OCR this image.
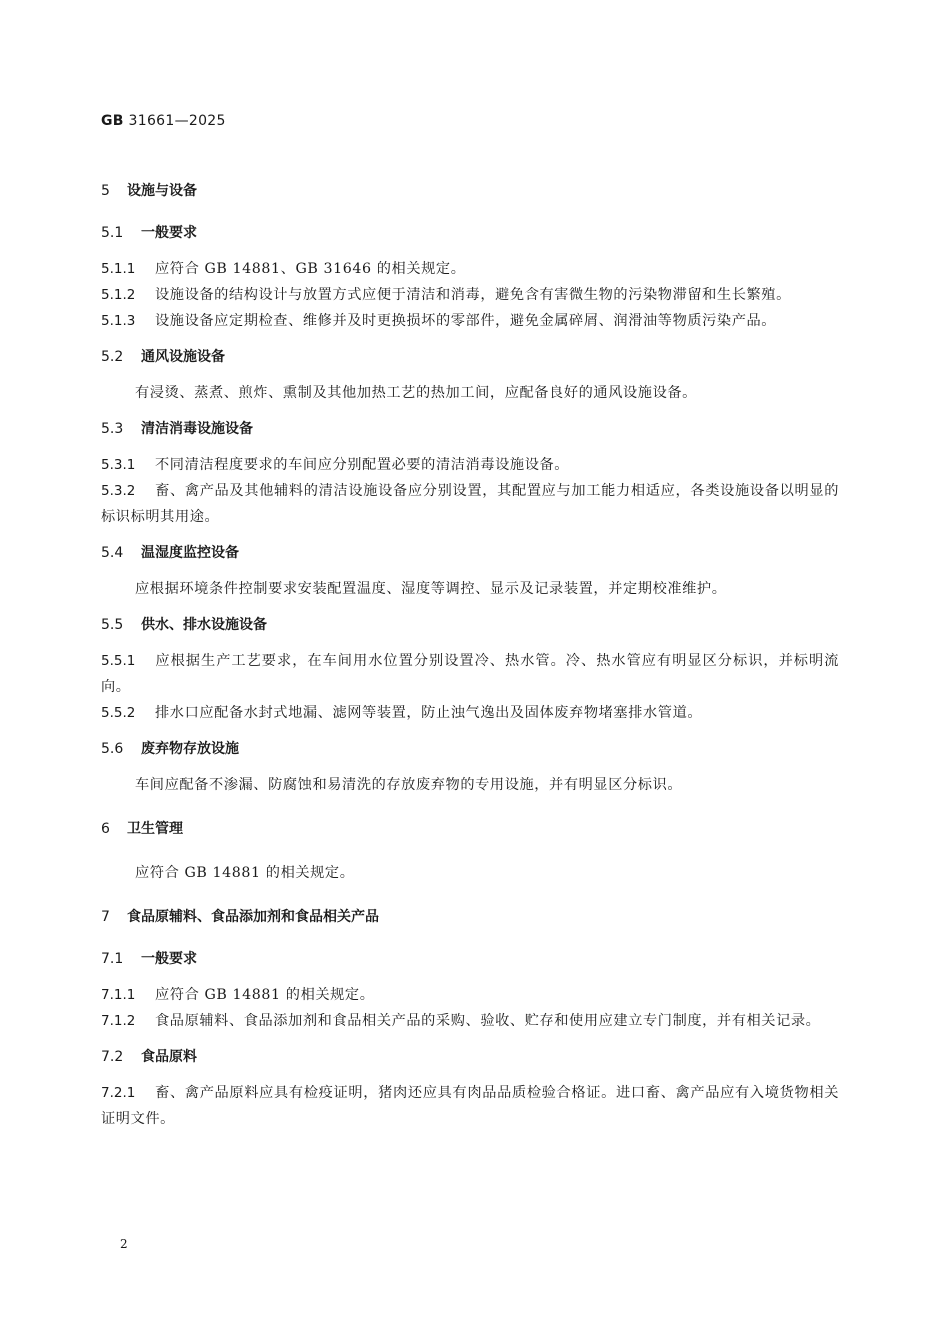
GB 31661—2025
5 设施与设备
5.1 一般要求

5.1.1 应符合 GB 14881、GB 31646 的相关规定。

5.1.2 设施设备的结构设计与放置方式应便于清洁和消毒，避免含有害微生物的污染物滞留和生长繁殖。

5.1.3 设施设备应定期检查、维修并及时更换损坏的零部件，避免金属碎屑、润滑油等物质污染产品。

5.2 通风设施设备

有浸烫、蒸煮、煎炸、熏制及其他加热工艺的热加工间，应配备良好的通风设施设备。

5.3 清洁消毒设施设备

5.3.1 不同清洁程度要求的车间应分别配置必要的清洁消毒设施设备。

5.3.2 畜、禽产品及其他辅料的清洁设施设备应分别设置，其配置应与加工能力相适应，各类设施设备以明显的标识标明其用途。

5.4 温湿度监控设备

应根据环境条件控制要求安装配置温度、湿度等调控、显示及记录装置，并定期校准维护。

5.5 供水、排水设施设备

5.5.1 应根据生产工艺要求，在车间用水位置分别设置冷、热水管。冷、热水管应有明显区分标识，并标明流向。

5.5.2 排水口应配备水封式地漏、滤网等装置，防止浊气逸出及固体废弃物堵塞排水管道。

5.6 废弃物存放设施

车间应配备不渗漏、防腐蚀和易清洗的存放废弃物的专用设施，并有明显区分标识。

6 卫生管理

应符合 GB 14881 的相关规定。

7 食品原辅料、食品添加剂和食品相关产品
7.1 一般要求

7.1.1 应符合 GB 14881 的相关规定。

7.1.2 食品原辅料、食品添加剂和食品相关产品的采购、验收、贮存和使用应建立专门制度，并有相关记录。

7.2 食品原料

7.2.1 畜、禽产品原料应具有检疫证明，猪肉还应具有肉品品质检验合格证。进口畜、禽产品应有入境货物相关证明文件。

2
